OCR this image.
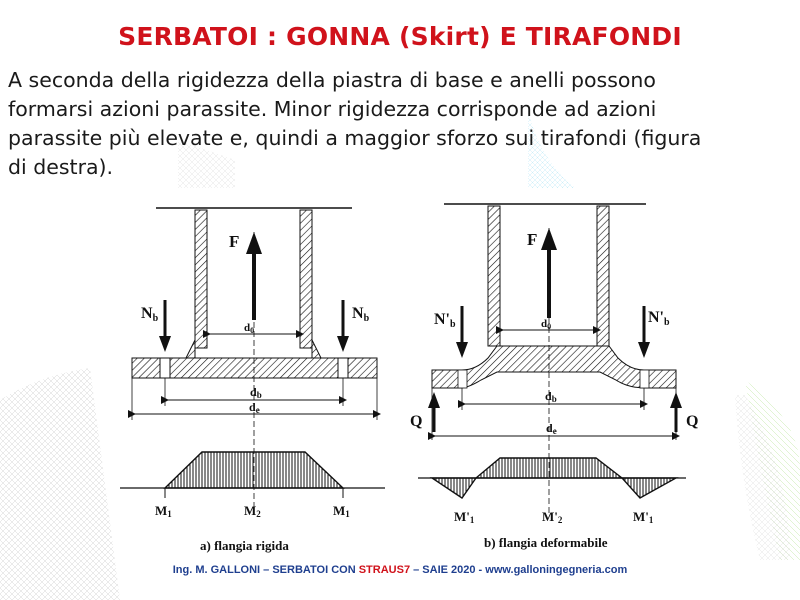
SERBATOI : GONNA (Skirt) E TIRAFONDI
A seconda della rigidezza della piastra di base e anelli possono
formarsi azioni parassite. Minor rigidezza corrisponde ad azioni
parassite più elevate e, quindi a maggior sforzo sui tirafondi (figura
di destra).
F
d0
Nb	Nb
db
de
M1	M2	M1
a) flangia rigida
F
d0
N'b	N'b
Q	Q
db
de
M'1	M'2	M'1
b) flangia deformabile
Ing. M. GALLONI – SERBATOI CON STRAUS7 – SAIE 2020 - www.galloningegneria.com
